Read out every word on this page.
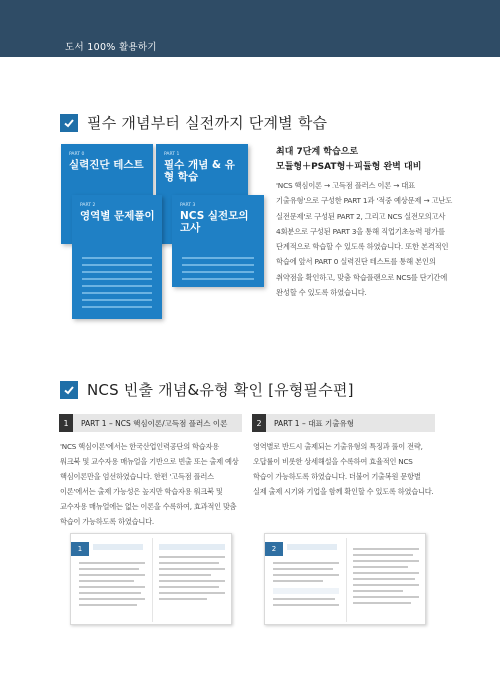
도서 100% 활용하기
필수 개념부터 실전까지 단계별 학습
PART 0
실력진단 테스트
PART 1
필수 개념 & 유형 학습
PART 2
영역별 문제풀이
PART 3
NCS 실전모의고사
최대 7단계 학습으로
모듈형＋PSAT형＋피듈형 완벽 대비

'NCS 핵심이론 → 고득점 플러스 이론 → 대표 기출유형'으로 구성한 PART 1과 '적중 예상문제 → 고난도 실전문제'로 구성된 PART 2, 그리고 NCS 실전모의고사 4회분으로 구성된 PART 3을 통해 직업기초능력 평가를 단계적으로 학습할 수 있도록 하였습니다. 또한 본격적인 학습에 앞서 PART 0 실력진단 테스트를 통해 본인의 취약점을 확인하고, 맞춤 학습플랜으로 NCS를 단기간에 완성할 수 있도록 하였습니다.

NCS 빈출 개념&유형 확인 [유형필수편]
1	PART 1 – NCS 핵심이론/고득점 플러스 이론	2	PART 1 – 대표 기출유형

'NCS 핵심이론'에서는 한국산업인력공단의 학습자용 워크북 및 교수자용 매뉴얼을 기반으로 빈출 또는 출제 예상 핵심이론만을 엄선하였습니다. 한편 '고득점 플러스 이론'에서는 출제 가능성은 높지만 학습자용 워크북 및 교수자용 매뉴얼에는 없는 이론을 수록하여, 효과적인 맞춤 학습이 가능하도록 하였습니다.

영역별로 반드시 출제되는 기출유형의 특징과 풀이 전략, 오답률이 비롯한 상세해설을 수록하여 효율적인 NCS 학습이 가능하도록 하였습니다. 더불어 기출복원 문항별 실제 출제 시기와 기업을 함께 확인할 수 있도록 하였습니다.

1	2
